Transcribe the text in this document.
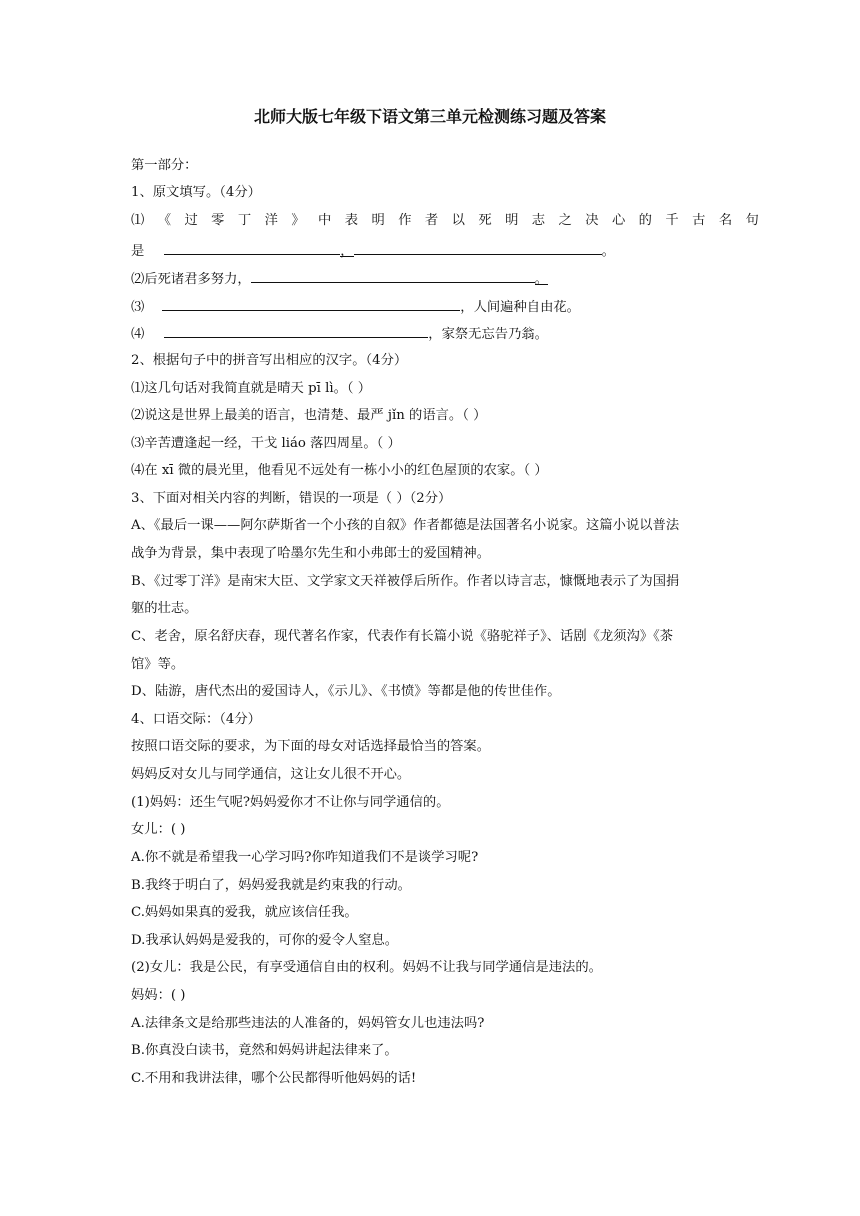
北师大版七年级下语文第三单元检测练习题及答案
第一部分：
1、原文填写。（4分）
⑴ 《 过 零 丁 洋 》 中 表 明 作 者 以 死 明 志 之 决 心 的 千 古 名 句
是	，	。
⑵后死诸君多努力，	。
⑶	，人间遍种自由花。
⑷	，家祭无忘告乃翁。
2、根据句子中的拼音写出相应的汉字。（4分）
⑴这几句话对我简直就是晴天 pī lì。（ ）
⑵说这是世界上最美的语言，也清楚、最严 jǐn 的语言。（ ）
⑶辛苦遭逢起一经，干戈 liáo 落四周星。（ ）
⑷在 xī 微的晨光里，他看见不远处有一栋小小的红色屋顶的农家。（ ）
3、下面对相关内容的判断，错误的一项是（ ）（2分）
A、《最后一课——阿尔萨斯省一个小孩的自叙》作者都德是法国著名小说家。这篇小说以普法
战争为背景，集中表现了哈墨尔先生和小弗郎士的爱国精神。
B、《过零丁洋》是南宋大臣、文学家文天祥被俘后所作。作者以诗言志，慷慨地表示了为国捐
躯的壮志。
C、老舍，原名舒庆春，现代著名作家，代表作有长篇小说《骆驼祥子》、话剧《龙须沟》《茶
馆》等。
D、陆游，唐代杰出的爱国诗人，《示儿》、《书愤》等都是他的传世佳作。
4、口语交际：（4分）
按照口语交际的要求，为下面的母女对话选择最恰当的答案。
妈妈反对女儿与同学通信，这让女儿很不开心。
(1)妈妈：还生气呢?妈妈爱你才不让你与同学通信的。
女儿：( )
A.你不就是希望我一心学习吗?你咋知道我们不是谈学习呢?
B.我终于明白了，妈妈爱我就是约束我的行动。
C.妈妈如果真的爱我，就应该信任我。
D.我承认妈妈是爱我的，可你的爱令人窒息。
(2)女儿：我是公民，有享受通信自由的权利。妈妈不让我与同学通信是违法的。
妈妈：( )
A.法律条文是给那些违法的人准备的，妈妈管女儿也违法吗?
B.你真没白读书，竟然和妈妈讲起法律来了。
C.不用和我讲法律，哪个公民都得听他妈妈的话!
